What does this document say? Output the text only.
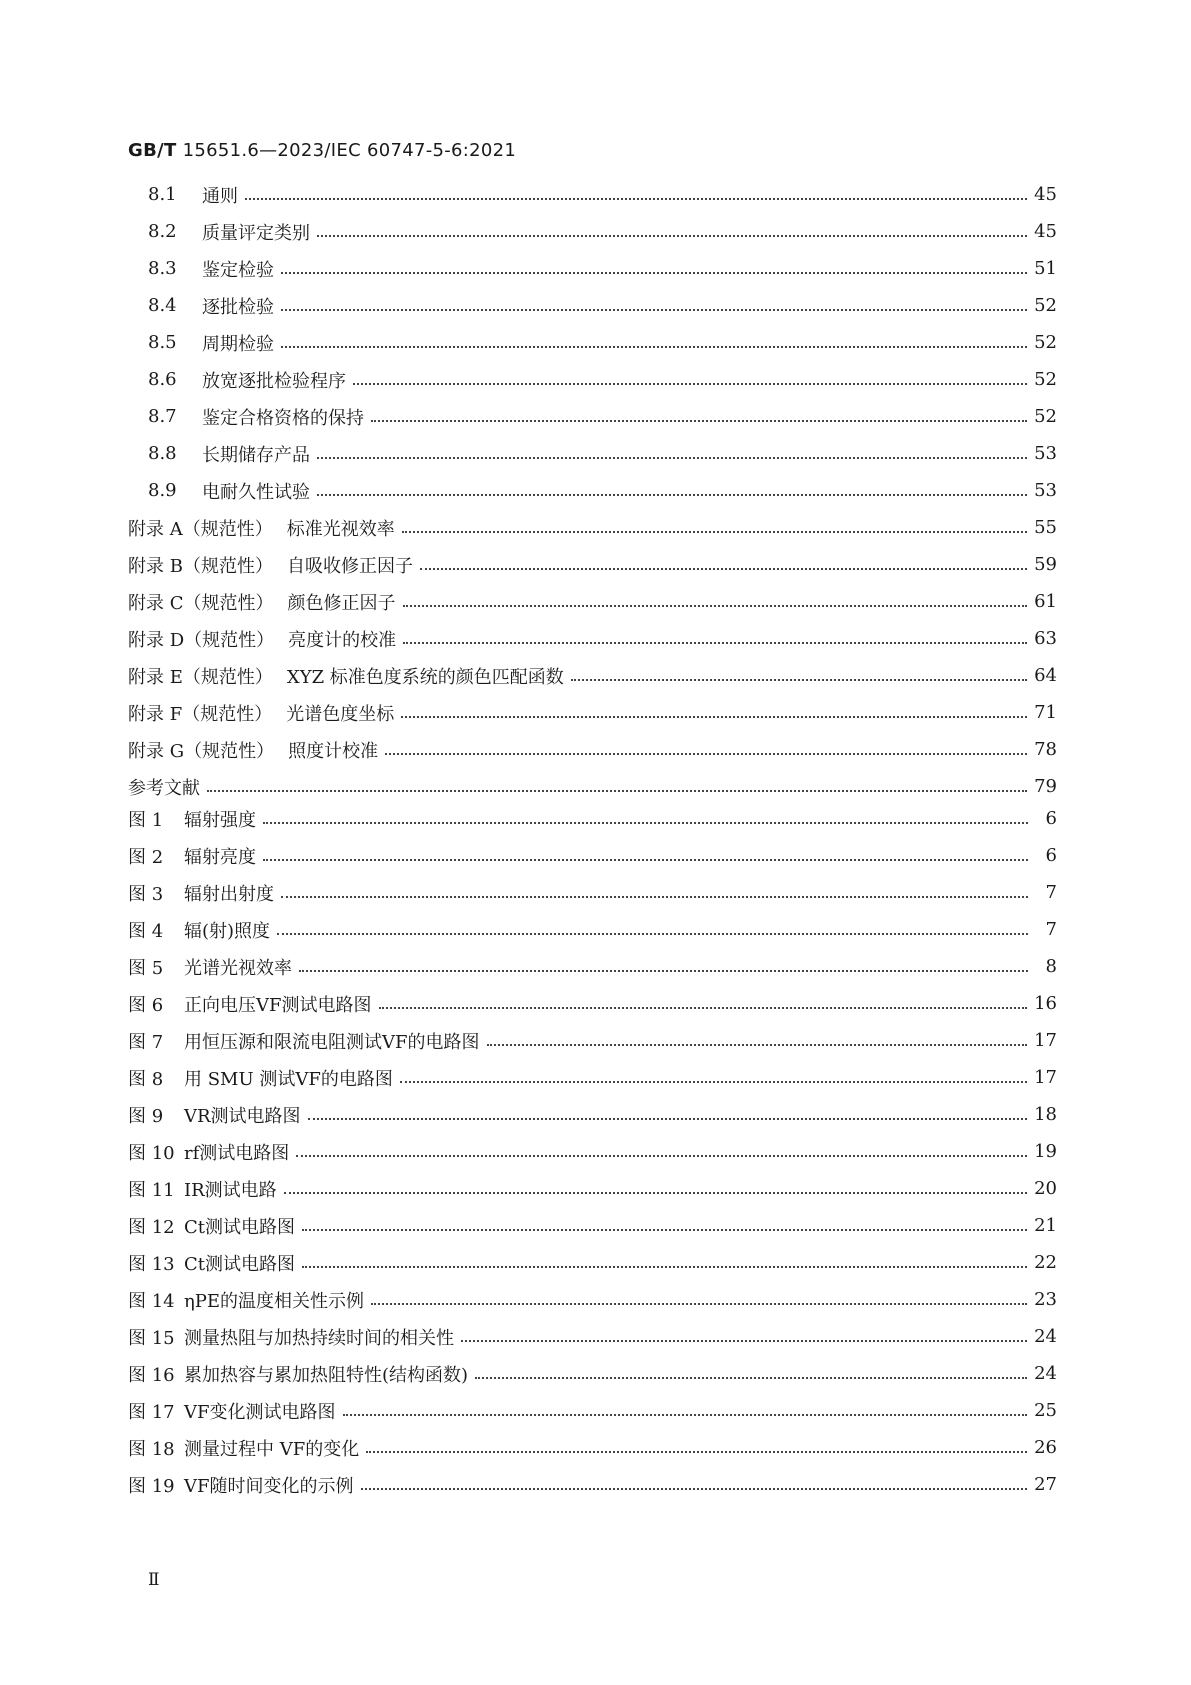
GB/T 15651.6—2023/IEC 60747-5-6:2021
8.1	通则	45
8.2	质量评定类别	45
8.3	鉴定检验	51
8.4	逐批检验	52
8.5	周期检验	52
8.6	放宽逐批检验程序	52
8.7	鉴定合格资格的保持	52
8.8	长期储存产品	53
8.9	电耐久性试验	53
附录 A（规范性） 标准光视效率	55
附录 B（规范性） 自吸收修正因子	59
附录 C（规范性） 颜色修正因子	61
附录 D（规范性） 亮度计的校准	63
附录 E（规范性） XYZ 标准色度系统的颜色匹配函数	64
附录 F（规范性） 光谱色度坐标	71
附录 G（规范性） 照度计校准	78
参考文献	79
图 1	辐射强度	6
图 2	辐射亮度	6
图 3	辐射出射度	7
图 4	辐(射)照度	7
图 5	光谱光视效率	8
图 6	正向电压VF测试电路图	16
图 7	用恒压源和限流电阻测试VF的电路图	17
图 8	用 SMU 测试VF的电路图	17
图 9	VR测试电路图	18
图 10 rf测试电路图	19
图 11 IR测试电路	20
图 12 Ct测试电路图	21
图 13 Ct测试电路图	22
图 14 ηPE的温度相关性示例	23
图 15 测量热阻与加热持续时间的相关性	24
图 16 累加热容与累加热阻特性(结构函数)	24
图 17 VF变化测试电路图	25
图 18 测量过程中 VF的变化	26
图 19 VF随时间变化的示例	27
Ⅱ
